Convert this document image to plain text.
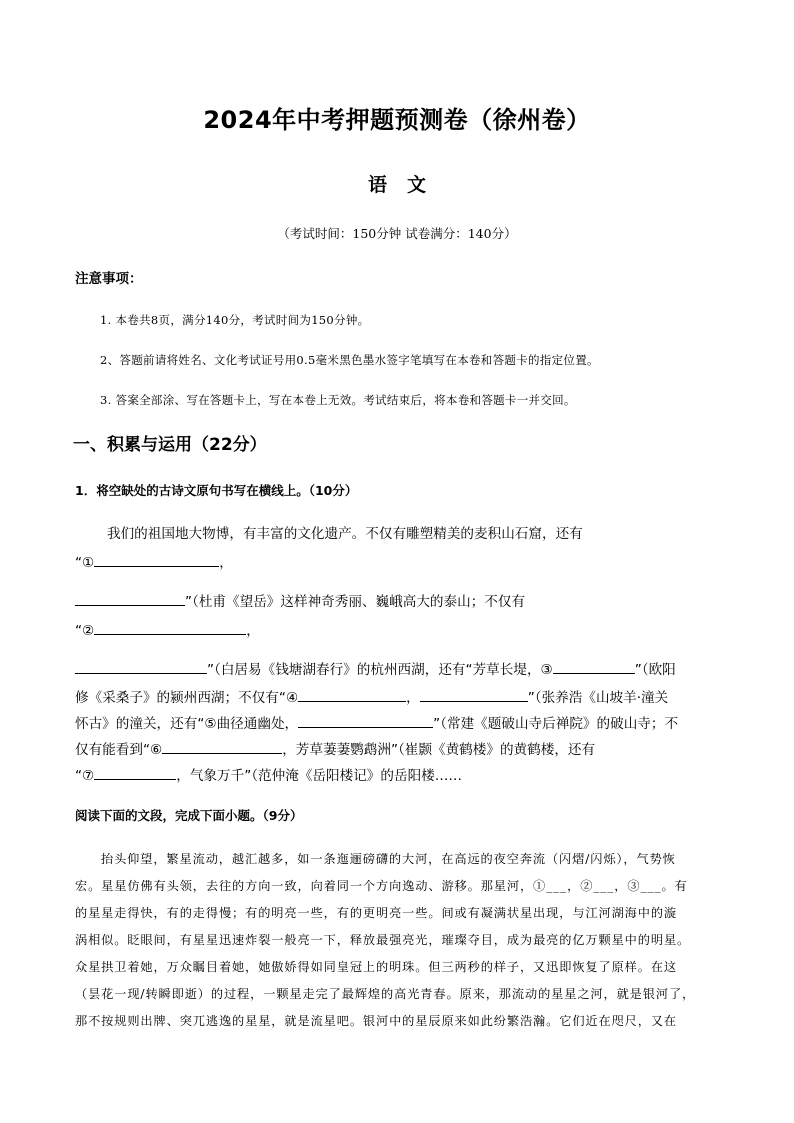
2024年中考押题预测卷（徐州卷）
语文
（考试时间：150分钟 试卷满分：140分）
注意事项：
1. 本卷共8页，满分140分，考试时间为150分钟。
2、答题前请将姓名、文化考试证号用0.5毫米黑色墨水签字笔填写在本卷和答题卡的指定位置。
3. 答案全部涂、写在答题卡上，写在本卷上无效。考试结束后，将本卷和答题卡一并交回。
一、积累与运用（22分）
1．将空缺处的古诗文原句书写在横线上。（10分）
我们的祖国地大物博，有丰富的文化遗产。不仅有雕塑精美的麦积山石窟，还有
“①	，
”（杜甫《望岳》这样神奇秀丽、巍峨高大的泰山；不仅有
“②	，
”（白居易《钱塘湖春行》的杭州西湖，还有“芳草长堤，③	”（欧阳
修《采桑子》的颍州西湖；不仅有“④	，	”（张养浩《山坡羊·潼关
怀古》的潼关，还有“⑤曲径通幽处，	”（常建《题破山寺后禅院》的破山寺；不
仅有能看到“⑥	，芳草萋萋鹦鹉洲”（崔颢《黄鹤楼》的黄鹤楼，还有
“⑦	，气象万千”（范仲淹《岳阳楼记》的岳阳楼……
阅读下面的文段，完成下面小题。（9分）
抬头仰望，繁星流动，越汇越多，如一条迤逦磅礴的大河，在高远的夜空奔流（闪熠/闪烁），气势恢
宏。星星仿佛有头领，去往的方向一致，向着同一个方向逸动、游移。那星河，①___，②___，③___。有
的星星走得快，有的走得慢；有的明亮一些，有的更明亮一些。间或有凝满状星出现，与江河湖海中的漩
涡相似。眨眼间，有星星迅速炸裂一般亮一下，释放最强亮光，璀璨夺目，成为最亮的亿万颗星中的明星。
众星拱卫着她，万众瞩目着她，她傲娇得如同皇冠上的明珠。但三两秒的样子，又迅即恢复了原样。在这
（昙花一现/转瞬即逝）的过程，一颗星走完了最辉煌的高光青春。原来，那流动的星星之河，就是银河了，
那不按规则出牌、突兀逃逸的星星，就是流星吧。银河中的星辰原来如此纷繁浩瀚。它们近在咫尺，又在
